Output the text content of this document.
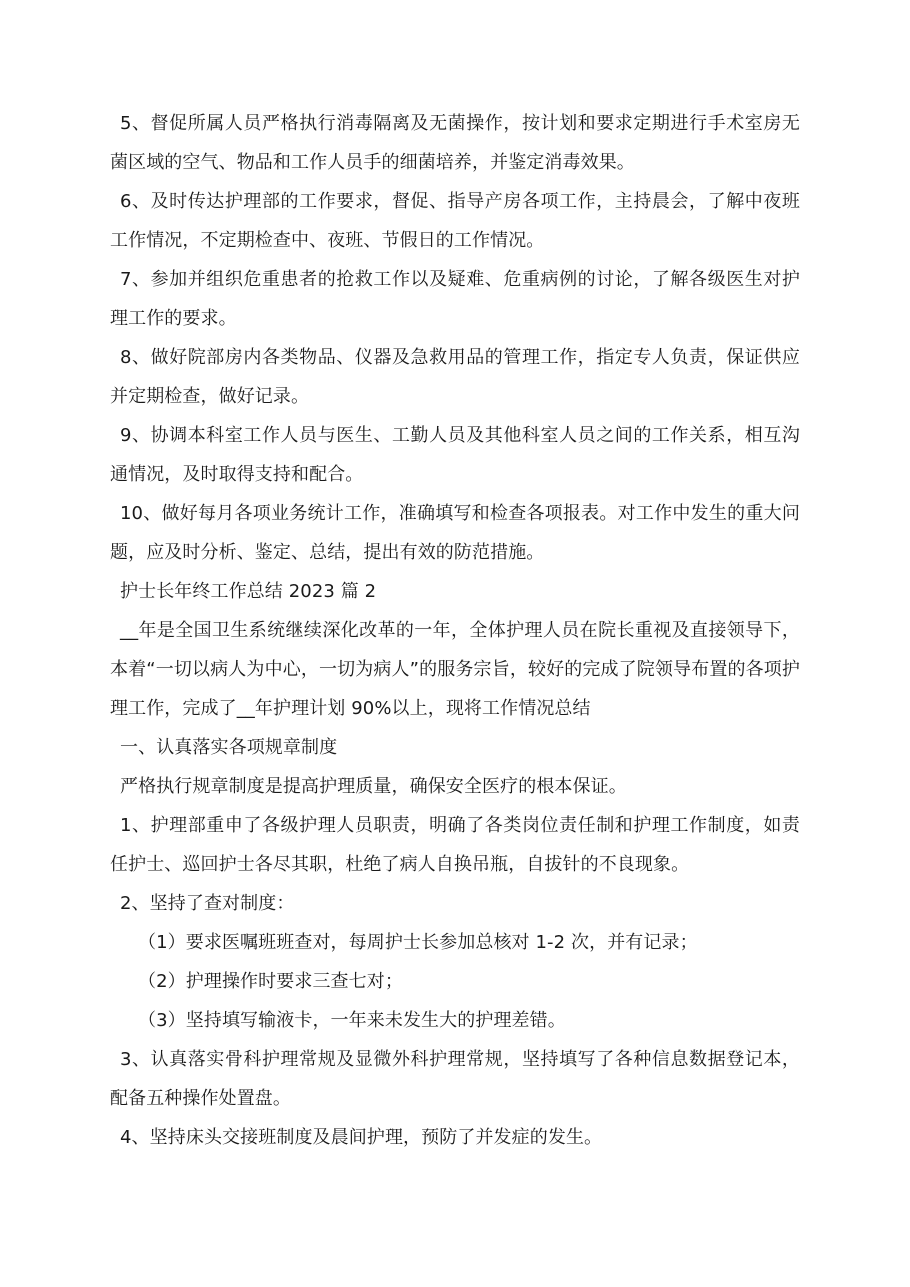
5、督促所属人员严格执行消毒隔离及无菌操作，按计划和要求定期进行手术室房无菌区域的空气、物品和工作人员手的细菌培养，并鉴定消毒效果。

6、及时传达护理部的工作要求，督促、指导产房各项工作，主持晨会，了解中夜班工作情况，不定期检查中、夜班、节假日的工作情况。

7、参加并组织危重患者的抢救工作以及疑难、危重病例的讨论，了解各级医生对护理工作的要求。

8、做好院部房内各类物品、仪器及急救用品的管理工作，指定专人负责，保证供应并定期检查，做好记录。

9、协调本科室工作人员与医生、工勤人员及其他科室人员之间的工作关系，相互沟通情况，及时取得支持和配合。

10、做好每月各项业务统计工作，准确填写和检查各项报表。对工作中发生的重大问题，应及时分析、鉴定、总结，提出有效的防范措施。

护士长年终工作总结 2023 篇 2

__年是全国卫生系统继续深化改革的一年，全体护理人员在院长重视及直接领导下，本着“一切以病人为中心，一切为病人”的服务宗旨，较好的完成了院领导布置的各项护理工作，完成了__年护理计划 90%以上，现将工作情况总结

一、认真落实各项规章制度

严格执行规章制度是提高护理质量，确保安全医疗的根本保证。

1、护理部重申了各级护理人员职责，明确了各类岗位责任制和护理工作制度，如责任护士、巡回护士各尽其职，杜绝了病人自换吊瓶，自拔针的不良现象。

2、坚持了查对制度：

（1）要求医嘱班班查对，每周护士长参加总核对 1-2 次，并有记录；

（2）护理操作时要求三查七对；

（3）坚持填写输液卡，一年来未发生大的护理差错。

3、认真落实骨科护理常规及显微外科护理常规，坚持填写了各种信息数据登记本，配备五种操作处置盘。

4、坚持床头交接班制度及晨间护理，预防了并发症的发生。
